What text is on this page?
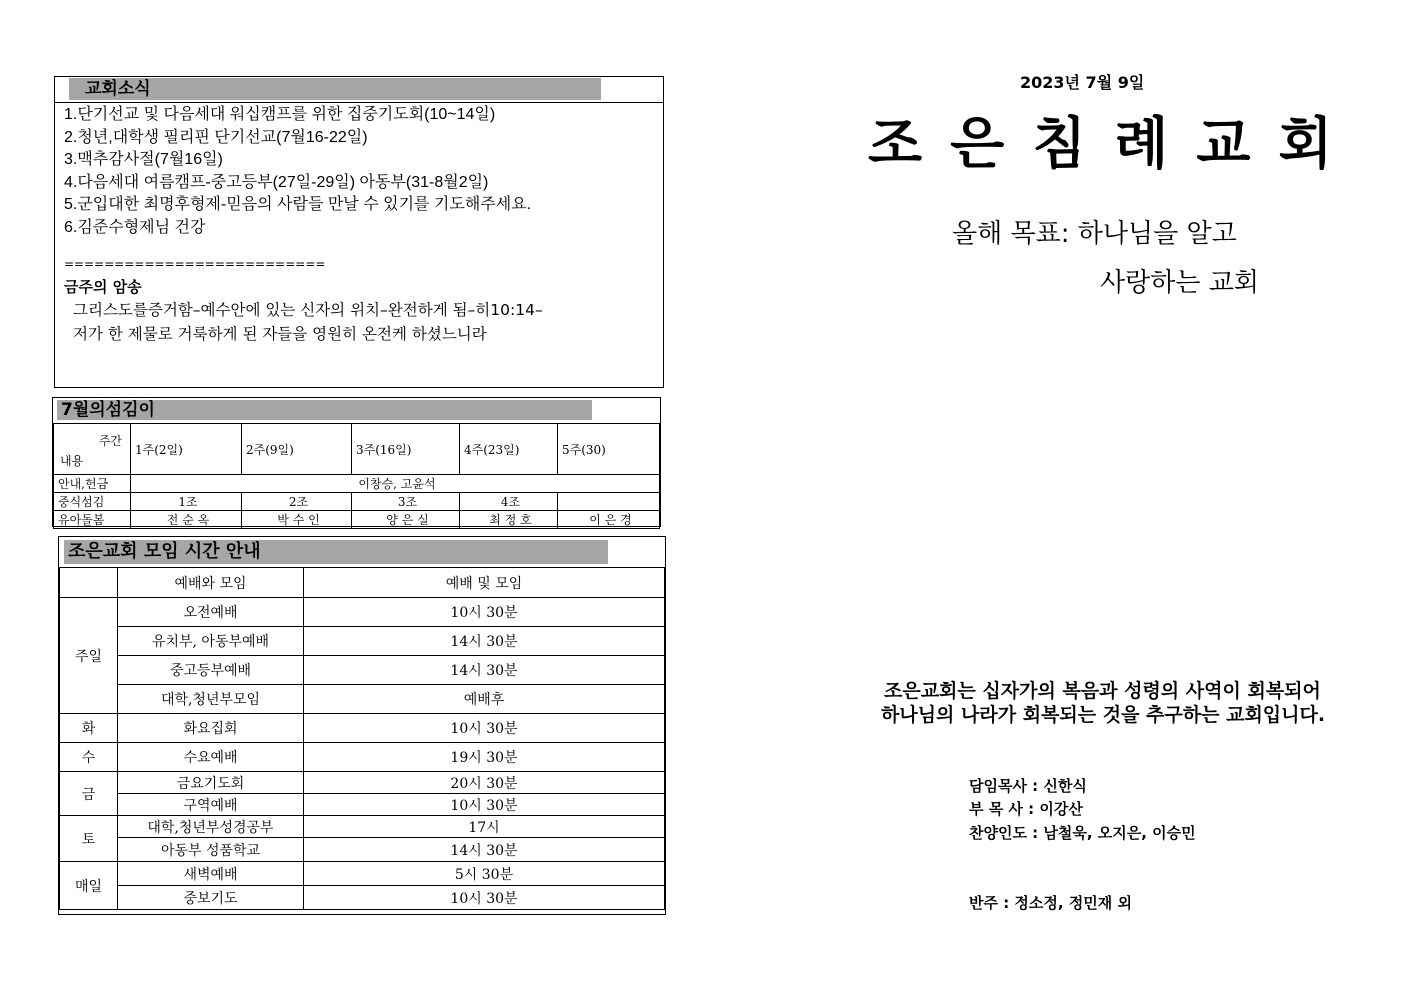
교회소식
1.단기선교 및 다음세대 워십캠프를 위한 집중기도회(10~14일)
2.청년,대학생 필리핀 단기선교(7월16-22일)
3.맥추감사절(7월16일)
4.다음세대 여름캠프-중고등부(27일-29일) 아동부(31-8월2일)
5.군입대한 최명후형제-믿음의 사람들 만날 수 있기를 기도해주세요.
6.김준수형제님 건강
==========================
금주의 암송
그리스도를증거함–예수안에 있는 신자의 위치–완전하게 됨–히10:14–
저가 한 제물로 거룩하게 된 자들을 영원히 온전케 하셨느니라
7월의섬김이
주간
내용	1주(2일)	2주(9일)	3주(16일)	4주(23일)	5주(30)
안내,헌금	이창승, 고윤석				
중식섬김	1조	2조	3조	4조	
유아돌봄	전 순 옥	박 수 인	양 은 실	최 정 호	이 은 경
조은교회 모임 시간 안내
	예배와 모임	예배 및 모임
주일	오전예배	10시 30분
	유치부, 아동부예배	14시 30분
	중고등부예배	14시 30분
	대학,청년부모임	예배후
화	화요집회	10시 30분
수	수요예배	19시 30분
금	금요기도회	20시 30분
	구역예배	10시 30분
토	대학,청년부성경공부	17시
	아동부 성품학교	14시 30분
매일	새벽예배	5시 30분
	중보기도	10시 30분
2023년 7월 9일
조은침례교회
올해 목표: 하나님을 알고
사랑하는 교회
조은교회는 십자가의 복음과 성령의 사역이 회복되어
하나님의 나라가 회복되는 것을 추구하는 교회입니다.
담임목사 : 신한식
부 목 사 : 이강산
찬양인도 : 남철욱, 오지은, 이승민
반주 : 정소정, 정민재 외
